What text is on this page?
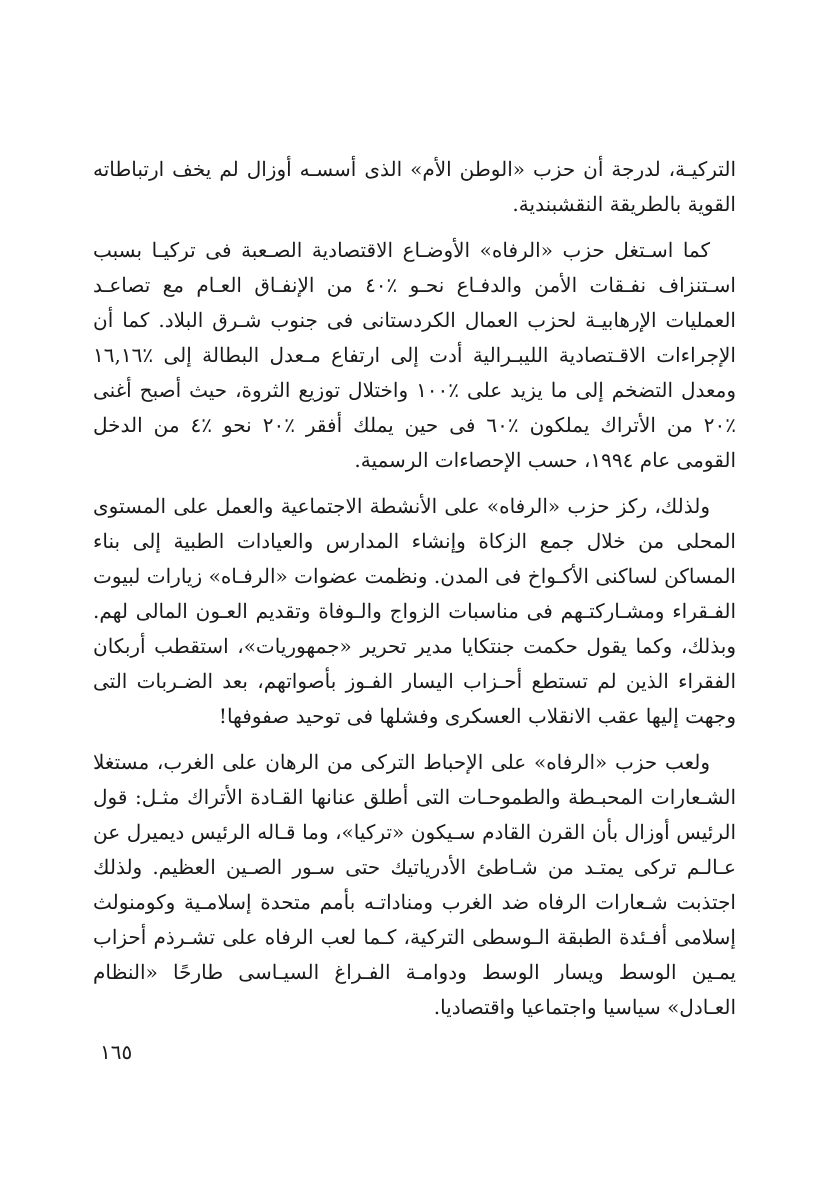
التركيـة، لدرجة أن حزب «الوطن الأم» الذى أسسـه أوزال لم يخف ارتباطاته القوية بالطريقة النقشبندية.

كما اسـتغل حزب «الرفاه» الأوضـاع الاقتصادية الصـعبة فى تركيـا بسبب اسـتنزاف نفـقات الأمن والدفـاع نحـو ٪٤٠ من الإنفـاق العـام مع تصاعـد العمليات الإرهابيـة لحزب العمال الكردستانى فى جنوب شـرق البلاد. كما أن الإجراءات الاقـتصادية الليبـرالية أدت إلى ارتفاع مـعدل البطالة إلى ٪١٦,١٦ ومعدل التضخم إلى ما يزيد على ٪١٠٠ واختلال توزيع الثروة، حيث أصبح أغنى ٪٢٠ من الأتراك يملكون ٪٦٠ فى حين يملك أفقر ٪٢٠ نحو ٪٤ من الدخل القومى عام ١٩٩٤، حسب الإحصاءات الرسمية.

ولذلك، ركز حزب «الرفاه» على الأنشطة الاجتماعية والعمل على المستوى المحلى من خلال جمع الزكاة وإنشاء المدارس والعيادات الطبية إلى بناء المساكن لساكنى الأكـواخ فى المدن. ونظمت عضوات «الرفـاه» زيارات لبيوت الفـقراء ومشـاركتـهم فى مناسبات الزواج والـوفاة وتقديم العـون المالى لهم. وبذلك، وكما يقول حكمت جنتكايا مدير تحرير «جمهوريات»، استقطب أربكان الفقراء الذين لم تستطع أحـزاب اليسار الفـوز بأصواتهم، بعد الضـربات التى وجهت إليها عقب الانقلاب العسكرى وفشلها فى توحيد صفوفها!

ولعب حزب «الرفاه» على الإحباط التركى من الرهان على الغرب، مستغلا الشـعارات المحبـطة والطموحـات التى أطلق عنانها القـادة الأتراك مثـل: قول الرئيس أوزال بأن القرن القادم سـيكون «تركيا»، وما قـاله الرئيس ديميرل عن عـالـم تركى يمتـد من شـاطئ الأدرياتيك حتى سـور الصـين العظيم. ولذلك اجتذبت شـعارات الرفاه ضد الغرب ومناداتـه بأمم متحدة إسلامـية وكومنولث إسلامى أفـئدة الطبقة الـوسطى التركية، كـما لعب الرفاه على تشـرذم أحزاب يمـين الوسط ويسار الوسط ودوامـة الفـراغ السيـاسى طارحًا «النظام العـادل» سياسيا واجتماعيا واقتصاديا.

١٦٥
